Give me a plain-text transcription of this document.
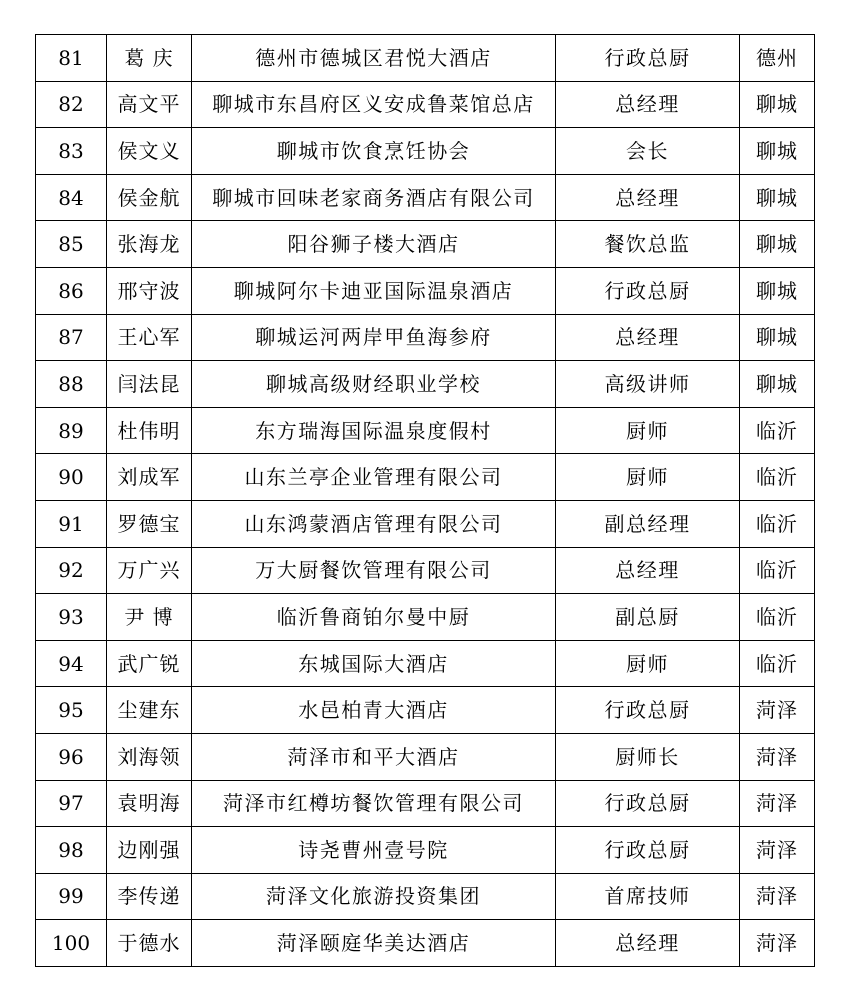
81	葛 庆	德州市德城区君悦大酒店	行政总厨	德州
82	高文平	聊城市东昌府区义安成鲁菜馆总店	总经理	聊城
83	侯文义	聊城市饮食烹饪协会	会长	聊城
84	侯金航	聊城市回味老家商务酒店有限公司	总经理	聊城
85	张海龙	阳谷狮子楼大酒店	餐饮总监	聊城
86	邢守波	聊城阿尔卡迪亚国际温泉酒店	行政总厨	聊城
87	王心军	聊城运河两岸甲鱼海参府	总经理	聊城
88	闫法昆	聊城高级财经职业学校	高级讲师	聊城
89	杜伟明	东方瑞海国际温泉度假村	厨师	临沂
90	刘成军	山东兰亭企业管理有限公司	厨师	临沂
91	罗德宝	山东鸿蒙酒店管理有限公司	副总经理	临沂
92	万广兴	万大厨餐饮管理有限公司	总经理	临沂
93	尹 博	临沂鲁商铂尔曼中厨	副总厨	临沂
94	武广锐	东城国际大酒店	厨师	临沂
95	尘建东	水邑柏青大酒店	行政总厨	菏泽
96	刘海领	菏泽市和平大酒店	厨师长	菏泽
97	袁明海	菏泽市红樽坊餐饮管理有限公司	行政总厨	菏泽
98	边刚强	诗尧曹州壹号院	行政总厨	菏泽
99	李传递	菏泽文化旅游投资集团	首席技师	菏泽
100	于德水	菏泽颐庭华美达酒店	总经理	菏泽
